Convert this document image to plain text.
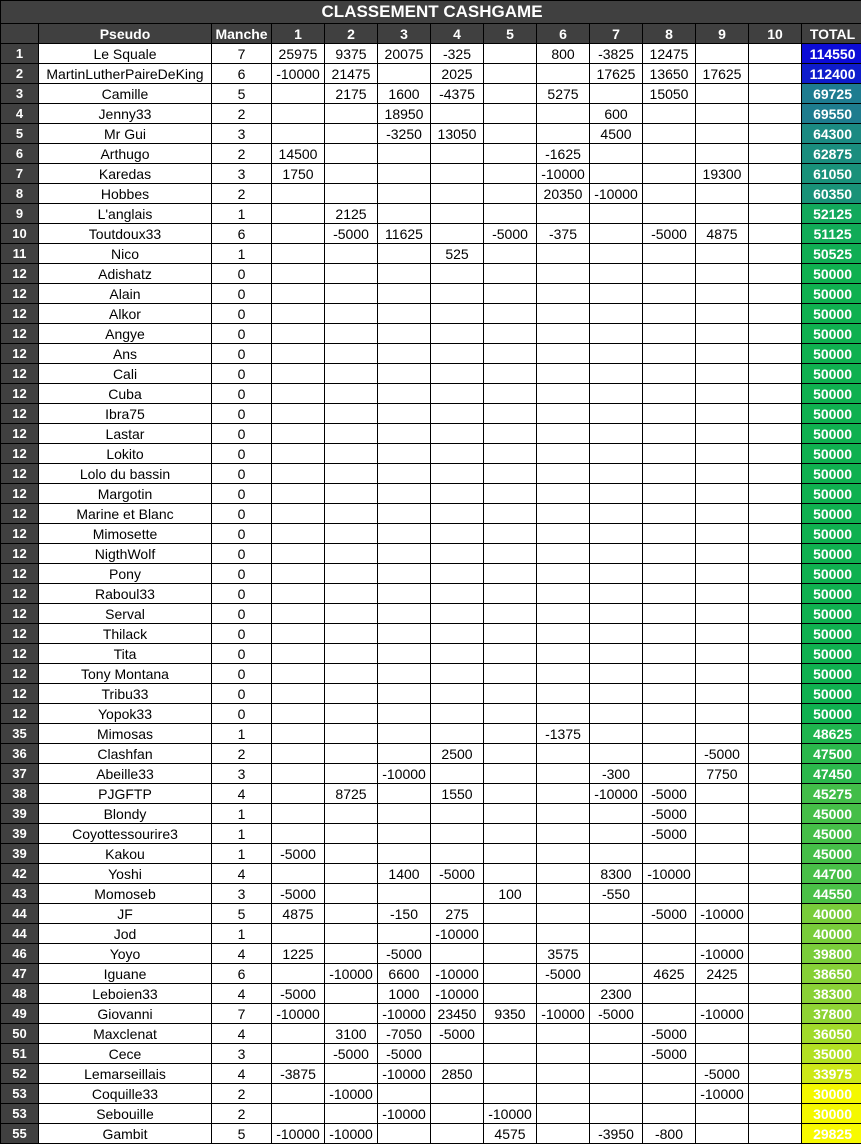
CLASSEMENT CASHGAME													
	Pseudo	Manche	1	2	3	4	5	6	7	8	9	10	TOTAL
1	Le Squale	7	25975	9375	20075	-325		800	-3825	12475			114550
2	MartinLutherPaireDeKing	6	-10000	21475		2025			17625	13650	17625		112400
3	Camille	5		2175	1600	-4375		5275		15050			69725
4	Jenny33	2			18950				600				69550
5	Mr Gui	3			-3250	13050			4500				64300
6	Arthugo	2	14500					-1625					62875
7	Karedas	3	1750					-10000			19300		61050
8	Hobbes	2						20350	-10000				60350
9	L'anglais	1		2125									52125
10	Toutdoux33	6		-5000	11625		-5000	-375		-5000	4875		51125
11	Nico	1				525							50525
12	Adishatz	0											50000
12	Alain	0											50000
12	Alkor	0											50000
12	Angye	0											50000
12	Ans	0											50000
12	Cali	0											50000
12	Cuba	0											50000
12	Ibra75	0											50000
12	Lastar	0											50000
12	Lokito	0											50000
12	Lolo du bassin	0											50000
12	Margotin	0											50000
12	Marine et Blanc	0											50000
12	Mimosette	0											50000
12	NigthWolf	0											50000
12	Pony	0											50000
12	Raboul33	0											50000
12	Serval	0											50000
12	Thilack	0											50000
12	Tita	0											50000
12	Tony Montana	0											50000
12	Tribu33	0											50000
12	Yopok33	0											50000
35	Mimosas	1						-1375					48625
36	Clashfan	2				2500					-5000		47500
37	Abeille33	3			-10000				-300		7750		47450
38	PJGFTP	4		8725		1550			-10000	-5000			45275
39	Blondy	1								-5000			45000
39	Coyottessourire3	1								-5000			45000
39	Kakou	1	-5000										45000
42	Yoshi	4			1400	-5000			8300	-10000			44700
43	Momoseb	3	-5000				100		-550				44550
44	JF	5	4875		-150	275				-5000	-10000		40000
44	Jod	1				-10000							40000
46	Yoyo	4	1225		-5000			3575			-10000		39800
47	Iguane	6		-10000	6600	-10000		-5000		4625	2425		38650
48	Leboien33	4	-5000		1000	-10000			2300				38300
49	Giovanni	7	-10000		-10000	23450	9350	-10000	-5000		-10000		37800
50	Maxclenat	4		3100	-7050	-5000				-5000			36050
51	Cece	3		-5000	-5000					-5000			35000
52	Lemarseillais	4	-3875		-10000	2850					-5000		33975
53	Coquille33	2		-10000							-10000		30000
53	Sebouille	2			-10000		-10000						30000
55	Gambit	5	-10000	-10000			4575		-3950	-800			29825
